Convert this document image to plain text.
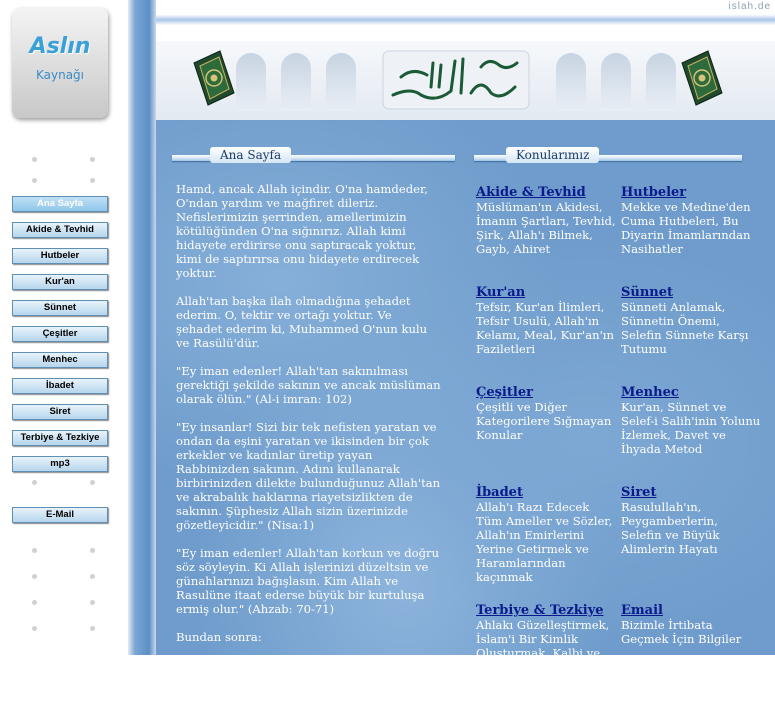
Aslın
Kaynağı
Ana Sayfa
Akide & Tevhid
Hutbeler
Kur'an
Sünnet
Çeşitler
Menhec
İbadet
Siret
Terbiye & Tezkiye
mp3
E-Mail
islah.de
Ana Sayfa	Konularımız

Hamd, ancak Allah içindir. O'na hamdeder, O'ndan yardım ve mağfiret dileriz. Nefislerimizin şerrinden, amellerimizin kötülüğünden O'na sığınırız. Allah kimi hidayete erdirirse onu saptıracak yoktur, kimi de saptırırsa onu hidayete erdirecek yoktur.

Allah'tan başka ilah olmadığına şehadet ederim. O, tektir ve ortağı yoktur. Ve şehadet ederim ki, Muhammed O'nun kulu ve Rasülü'dür.

"Ey iman edenler! Allah'tan sakınılması gerektiği şekilde sakının ve ancak müslüman olarak ölün." (Al-i imran: 102)

"Ey insanlar! Sizi bir tek nefisten yaratan ve ondan da eşini yaratan ve ikisinden bir çok erkekler ve kadınlar üretip yayan Rabbinizden sakının. Adını kullanarak birbirinizden dilekte bulunduğunuz Allah'tan ve akrabalık haklarına riayetsizlikten de sakının. Şüphesiz Allah sizin üzerinizde gözetleyicidir." (Nisa:1)

"Ey iman edenler! Allah'tan korkun ve doğru söz söyleyin. Ki Allah işlerinizi düzeltsin ve günahlarınızı bağışlasın. Kim Allah ve Rasulüne itaat ederse büyük bir kurtuluşa ermiş olur." (Ahzab: 70-71)

Bundan sonra:

"Muhakkak ki, sözlerin en doğrusu Allah'ın Kelam'ı, yolların en hayırlısı Muhammed (s.a.v.)'in yoludur. İşlerin en kötüsü ise

Akide & Tevhid
Müslüman'ın Akidesi, İmanın Şartları, Tevhid, Şirk, Allah'ı Bilmek, Gayb, Ahiret
Hutbeler
Mekke ve Medine'den Cuma Hutbeleri, Bu Diyarin İmamlarından Nasihatler
Kur'an
Tefsir, Kur'an İlimleri, Tefsir Usulü, Allah'ın Kelamı, Meal, Kur'an'ın Faziletleri
Sünnet
Sünneti Anlamak, Sünnetin Önemi, Selefin Sünnete Karşı Tutumu
Çeşitler
Çeşitli ve Diğer Kategorilere Sığmayan Konular
Menhec
Kur'an, Sünnet ve Selef-i Salih'inin Yolunu İzlemek, Davet ve İhyada Metod
İbadet
Allah'ı Razı Edecek Tüm Ameller ve Sözler, Allah'ın Emirlerini Yerine Getirmek ve Haramlarından kaçınmak
Siret
Rasulullah'ın, Peygamberlerin, Selefin ve Büyük Alimlerin Hayatı
Terbiye & Tezkiye
Ahlakı Güzelleştirmek, İslam'i Bir Kimlik Oluşturmak, Kalbi ve
Email
Bizimle İrtibata Geçmek İçin Bilgiler
